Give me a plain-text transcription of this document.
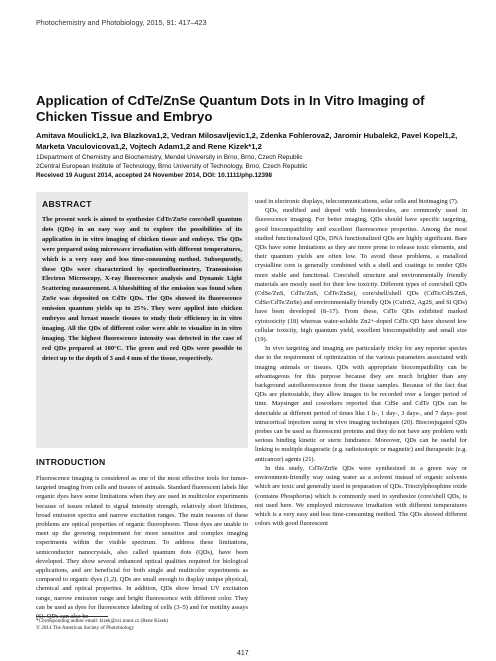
Photochemistry and Photobiology, 2015, 91: 417–423
Application of CdTe/ZnSe Quantum Dots in In Vitro Imaging of Chicken Tissue and Embryo
Amitava Moulick1,2, Iva Blazkova1,2, Vedran Milosavljevic1,2, Zdenka Fohlerova2, Jaromir Hubalek2, Pavel Kopel1,2, Marketa Vaculovicova1,2, Vojtech Adam1,2 and Rene Kizek*1,2
1Department of Chemistry and Biochemistry, Mendel University in Brno, Brno, Czech Republic
2Central European Institute of Technology, Brno University of Technology, Brno, Czech Republic
Received 19 August 2014, accepted 24 November 2014, DOI: 10.1111/php.12398
ABSTRACT
The present work is aimed to synthesize CdTe/ZnSe core/shell quantum dots (QDs) in an easy way and to explore the possibilities of its application in in vitro imaging of chicken tissue and embryo. The QDs were prepared using microwave irradiation with different temperatures, which is a very easy and less time-consuming method. Subsequently, these QDs were characterized by spectrofluorimetry, Transmission Electron Microscopy, X-ray fluorescence analysis and Dynamic Light Scattering measurement. A blueshifting of the emission was found when ZnSe was deposited on CdTe QDs. The QDs showed its fluorescence emission quantum yields up to 25%. They were applied into chicken embryos and breast muscle tissues to study their efficiency in in vitro imaging. All the QDs of different color were able to visualize in in vitro imaging. The highest fluorescence intensity was detected in the case of red QDs prepared at 100°C. The green and red QDs were possible to detect up to the depth of 3 and 4 mm of the tissue, respectively.
INTRODUCTION
Fluorescence imaging is considered as one of the most effective tools for tumor-targeted imaging from cells and tissues of animals. Standard fluorescent labels like organic dyes have some limitations when they are used in multicolor experiments because of issues related to signal intensity strength, relatively short lifetimes, broad emission spectra and narrow excitation ranges. The main reasons of these problems are optical properties of organic fluorophores. These dyes are unable to meet up the growing requirement for more sensitive and complex imaging experiments within the visible spectrum. To address these limitations, semiconductor nanocrystals, also called quantum dots (QDs), have been developed. They show several enhanced optical qualities required for biological applications, and are beneficial for both single and multicolor experiments as compared to organic dyes (1,2). QDs are small enough to display unique physical, chemical and optical properties. In addition, QDs show broad UV excitation range, narrow emission range and bright fluorescence with different color. They can be used as dyes for fluorescence labeling of cells (3–5) and for motility assays (6). QDs can also be
*Corresponding author email: kizek@sci.muni.cz (Rene Kizek)
© 2014 The American Society of Photobiology

used in electronic displays, telecommunications, solar cells and bioimaging (7).

QDs, modified and doped with biomolecules, are commonly used in fluorescence imaging. For better imaging, QDs should have specific targeting, good biocompatibility and excellent fluorescence properties. Among the most studied functionalized QDs, DNA functionalized QDs are highly significant. Bare QDs have some limitations as they are more prone to release toxic elements, and their quantum yields are often low. To avoid these problems, a metalloid crystalline core is generally combined with a shell and coatings to render QDs more stable and functional. Core/shell structure and environmentally friendly materials are mostly used for their low toxicity. Different types of core/shell QDs (CdSe/ZnS, CdTe/ZnS, CdTe/ZnSe), core/shell/shell QDs (CdTe/CdS/ZnS, CdSe/CdTe/ZnSe) and environmentally friendly QDs (CuInS2, Ag2S, and Si QDs) have been developed (8–17). From these, CdTe QDs exhibited marked cytotoxicity (18) whereas water-soluble Zn2+-doped CdTe QD have showed low cellular toxicity, high quantum yield, excellent biocompatibility and small size (19).

In vivo targeting and imaging are particularly tricky for any reporter species due to the requirement of optimization of the various parameters associated with imaging animals or tissues. QDs with appropriate biocompatibility can be advantageous for this purpose because they are much brighter than any background autofluorescence from the tissue samples. Because of the fact that QDs are photostable, they allow images to be recorded over a longer period of time. Maysinger and coworkers reported that CdSe and CdTe QDs can be detectable at different period of times like 1 h-, 1 day-, 3 days-, and 7 days- post intracortical injection using in vivo imaging techniques (20). Bioconjugated QDs probes can be used as fluorescent proteins and they do not have any problem with serious binding kinetic or steric hindrance. Moreover, QDs can be useful for linking to multiple diagnostic (e.g. radioisotopic or magnetic) and therapeutic (e.g. anticancer) agents (21).

In this study, CdTe/ZnSe QDs were synthesized in a green way or environment-friendly way using water as a solvent instead of organic solvents which are toxic and generally used in preparation of QDs. Trioctylphosphine oxide (contains Phosphorus) which is commonly used to synthesize (core/shell QDs, is not used here. We employed microwave irradiation with different temperatures which is a very easy and less time-consuming method. The QDs showed different colors with good fluorescent

417
